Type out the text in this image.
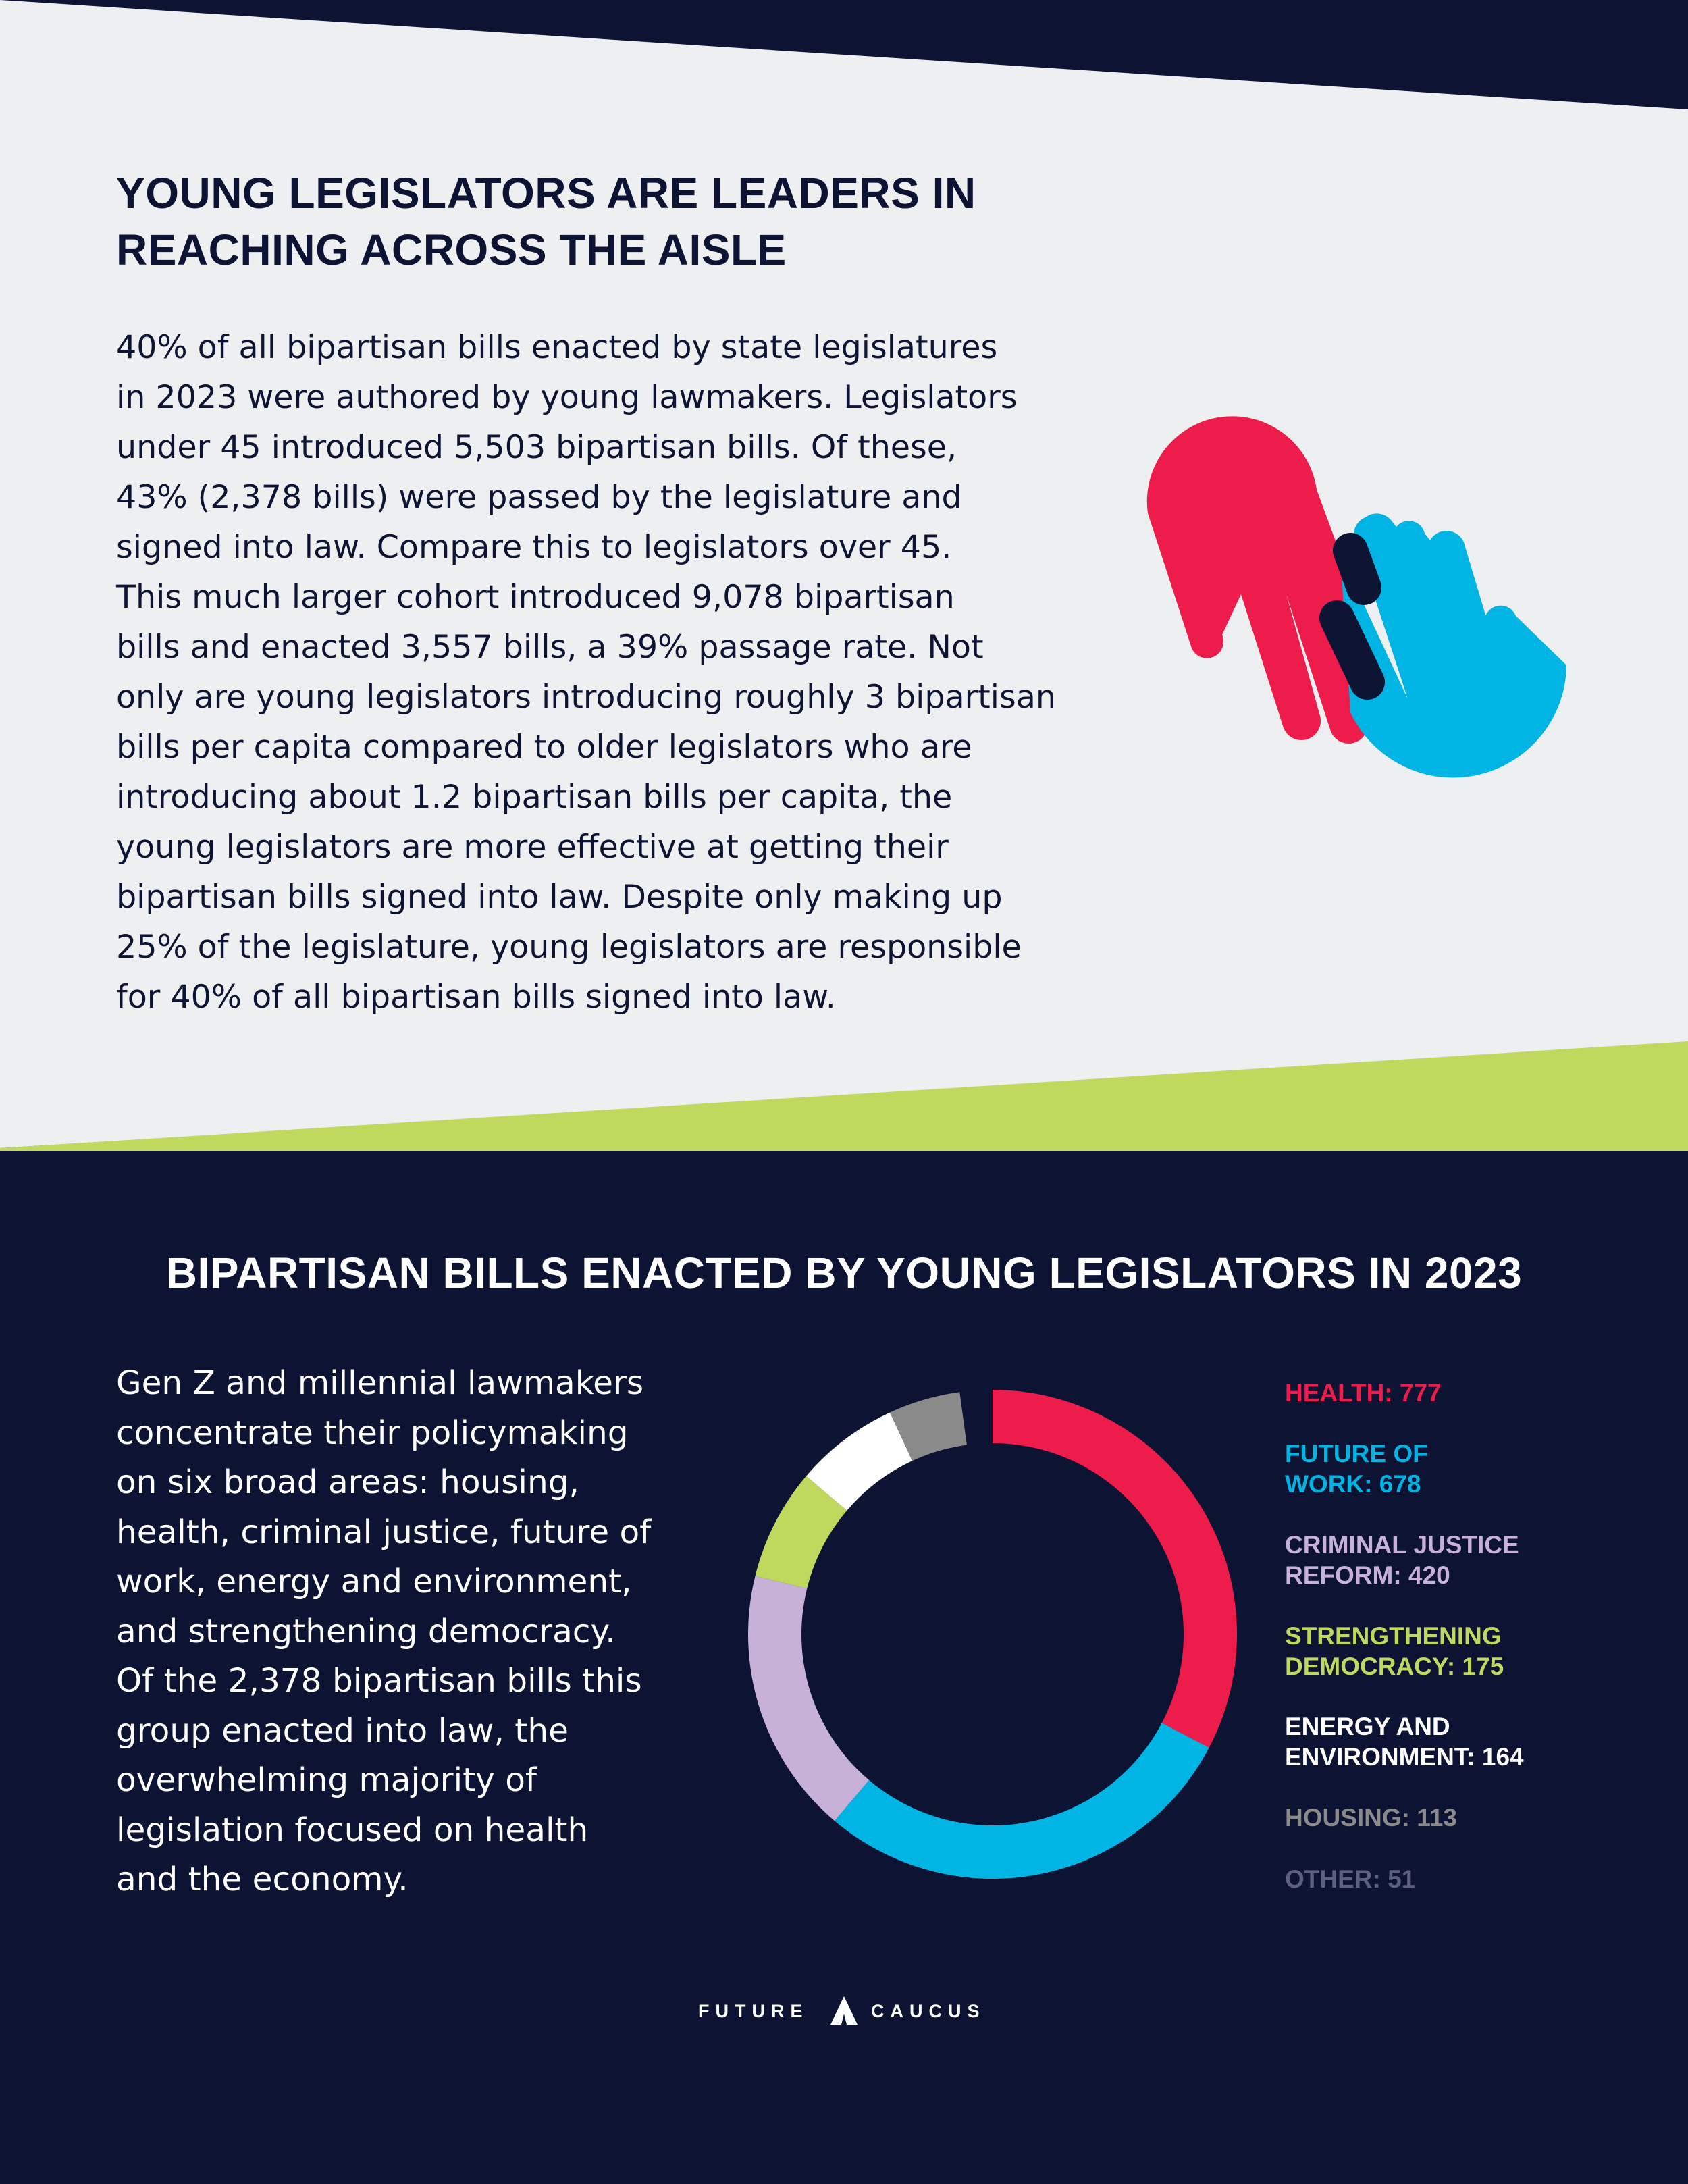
YOUNG LEGISLATORS ARE LEADERS IN
REACHING ACROSS THE AISLE

40% of all bipartisan bills enacted by state legislatures
in 2023 were authored by young lawmakers. Legislators
under 45 introduced 5,503 bipartisan bills. Of these,
43% (2,378 bills) were passed by the legislature and
signed into law. Compare this to legislators over 45.
This much larger cohort introduced 9,078 bipartisan
bills and enacted 3,557 bills, a 39% passage rate. Not
only are young legislators introducing roughly 3 bipartisan
bills per capita compared to older legislators who are
introducing about 1.2 bipartisan bills per capita, the
young legislators are more effective at getting their
bipartisan bills signed into law. Despite only making up
25% of the legislature, young legislators are responsible
for 40% of all bipartisan bills signed into law.

BIPARTISAN BILLS ENACTED BY YOUNG LEGISLATORS IN 2023

Gen Z and millennial lawmakers
concentrate their policymaking
on six broad areas: housing,
health, criminal justice, future of
work, energy and environment,
and strengthening democracy.
Of the 2,378 bipartisan bills this
group enacted into law, the
overwhelming majority of
legislation focused on health
and the economy.

HEALTH: 777
FUTURE OF
WORK: 678
CRIMINAL JUSTICE
REFORM: 420
STRENGTHENING
DEMOCRACY: 175
ENERGY AND
ENVIRONMENT: 164
HOUSING: 113
OTHER: 51
FUTURE	CAUCUS
